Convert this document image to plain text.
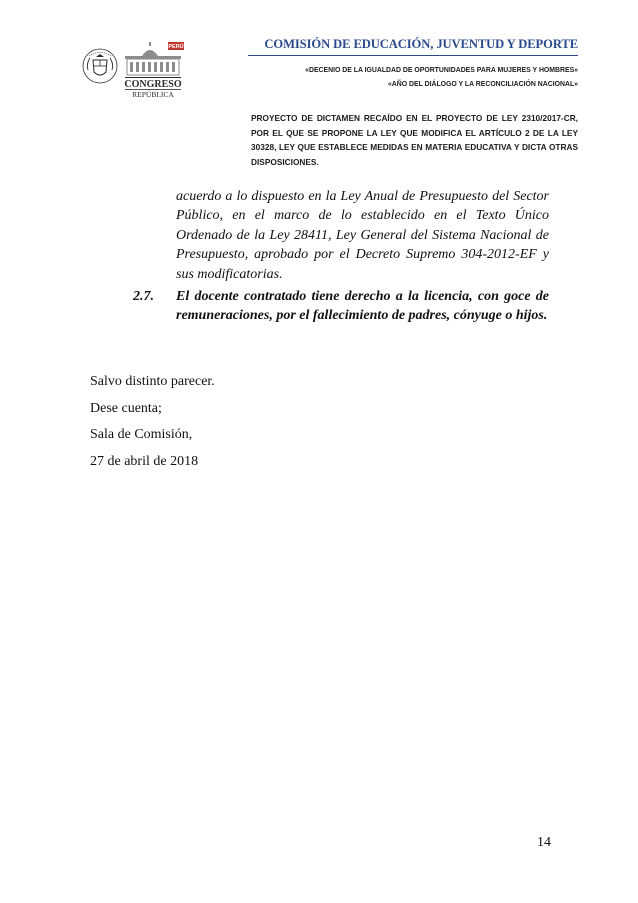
PERÚ
CONGRESO
REPÚBLICA
COMISIÓN DE EDUCACIÓN, JUVENTUD Y DEPORTE
«DECENIO DE LA IGUALDAD DE OPORTUNIDADES PARA MUJERES Y HOMBRES»
«AÑO DEL DIÁLOGO Y LA RECONCILIACIÓN NACIONAL»
PROYECTO DE DICTAMEN RECAÍDO EN EL PROYECTO DE LEY 2310/2017-CR, POR EL QUE SE PROPONE LA LEY QUE MODIFICA EL ARTÍCULO 2 DE LA LEY 30328, LEY QUE ESTABLECE MEDIDAS EN MATERIA EDUCATIVA Y DICTA OTRAS DISPOSICIONES.
acuerdo a lo dispuesto en la Ley Anual de Presupuesto del Sector Público, en el marco de lo establecido en el Texto Único Ordenado de la Ley 28411, Ley General del Sistema Nacional de Presupuesto, aprobado por el Decreto Supremo 304-2012-EF y sus modificatorias.
2.7. El docente contratado tiene derecho a la licencia, con goce de remuneraciones, por el fallecimiento de padres, cónyuge o hijos.
Salvo distinto parecer.
Dese cuenta;
Sala de Comisión,
27 de abril de 2018
14
